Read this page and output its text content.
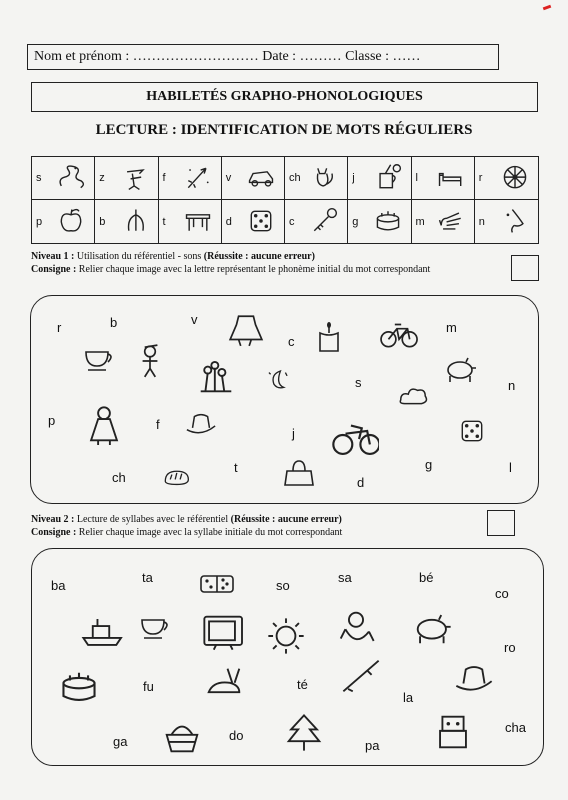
Nom et prénom : ……………………… Date : ……… Classe : ……
HABILETÉS GRAPHO-PHONOLOGIQUES
LECTURE : IDENTIFICATION DE MOTS RÉGULIERS
s	z	f	v	ch	j	l	r
p	b	t	d	c	g	m	n
Niveau 1 : Utilisation du référentiel - sons (Réussite : aucune erreur)
Consigne : Relier chaque image avec la lettre représentant le phonème initial du mot correspondant
r	b	v
c
m
s	n
p	f
j
ch
t
d
g	l
Niveau 2 : Lecture de syllabes avec le référentiel (Réussite : aucune erreur)
Consigne : Relier chaque image avec la syllabe initiale du mot correspondant
ba
ta
so
sa	bé
co
ro
fu	té
la
cha
ga	do
pa
